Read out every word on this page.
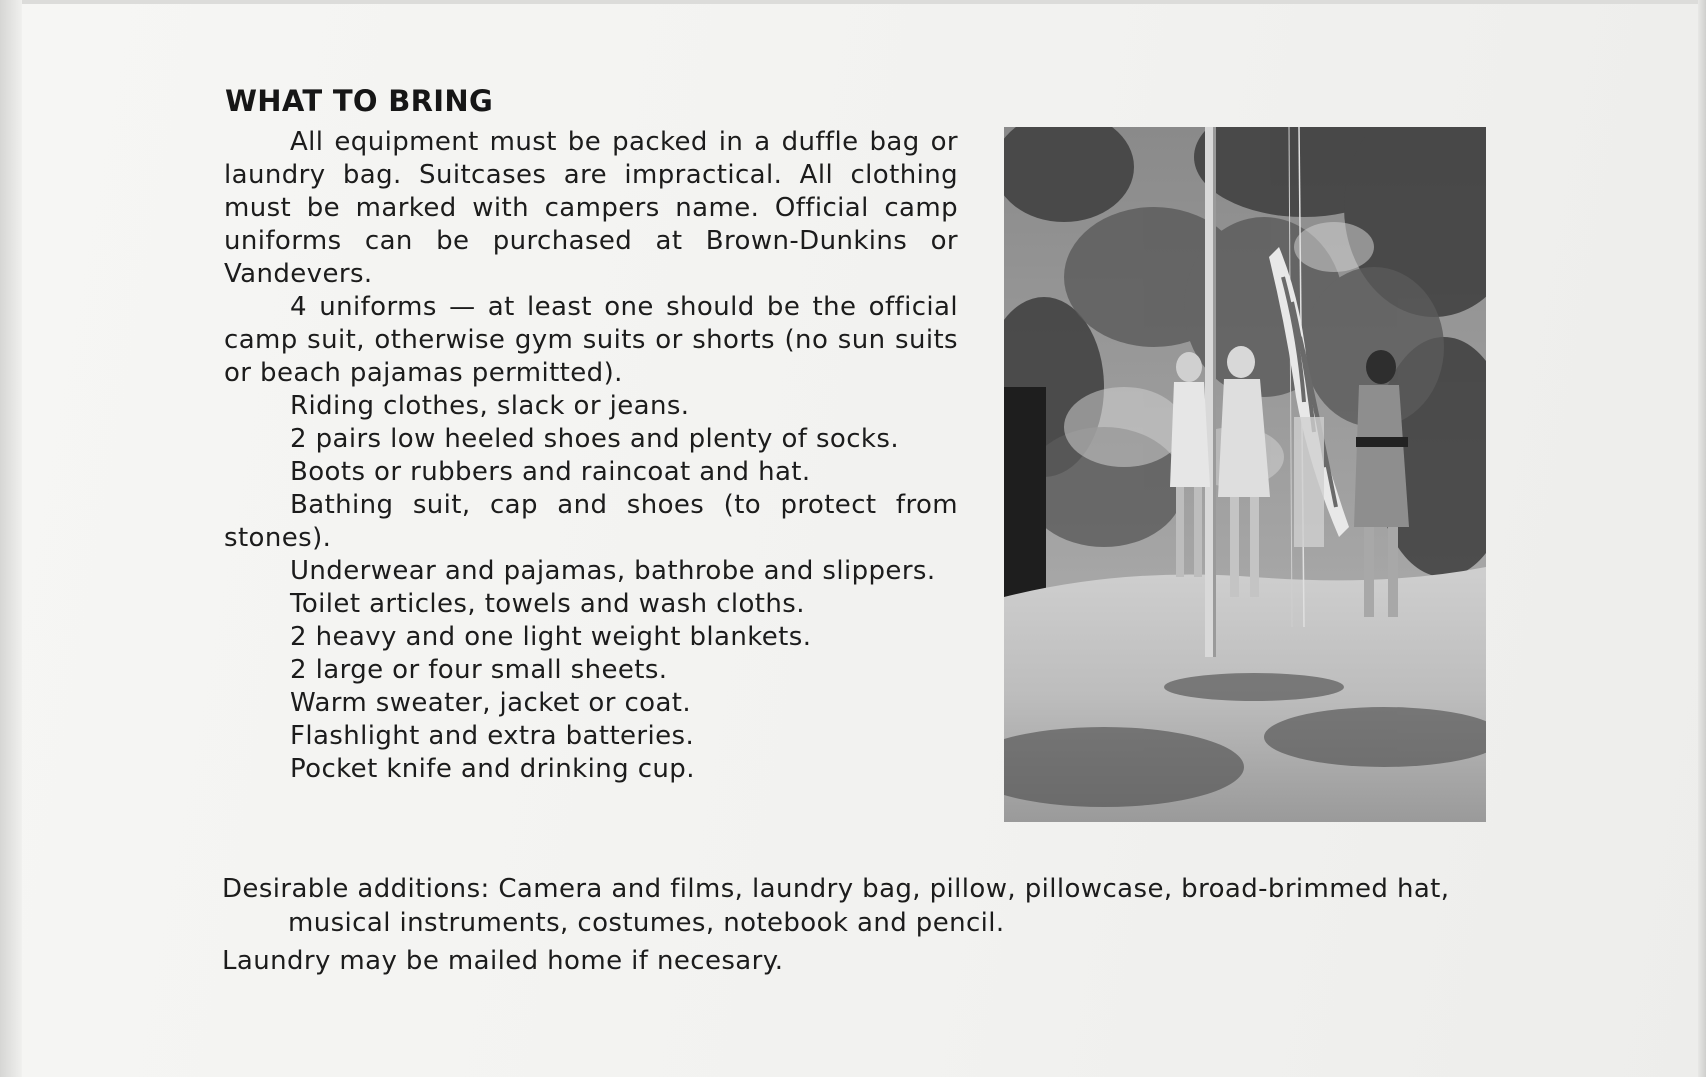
WHAT TO BRING

All equipment must be packed in a duffle bag or laundry bag. Suitcases are impractical. All clothing must be marked with campers name. Official camp uniforms can be purchased at Brown-Dunkins or Vandevers.

4 uniforms — at least one should be the official camp suit, otherwise gym suits or shorts (no sun suits or beach pajamas permitted).

Riding clothes, slack or jeans.

2 pairs low heeled shoes and plenty of socks.

Boots or rubbers and raincoat and hat.

Bathing suit, cap and shoes (to protect from stones).

Underwear and pajamas, bathrobe and slippers.

Toilet articles, towels and wash cloths.

2 heavy and one light weight blankets.

2 large or four small sheets.

Warm sweater, jacket or coat.

Flashlight and extra batteries.

Pocket knife and drinking cup.

Desirable additions: Camera and films, laundry bag, pillow, pillowcase, broad-brimmed hat, musical instruments, costumes, notebook and pencil.

Laundry may be mailed home if necesary.
